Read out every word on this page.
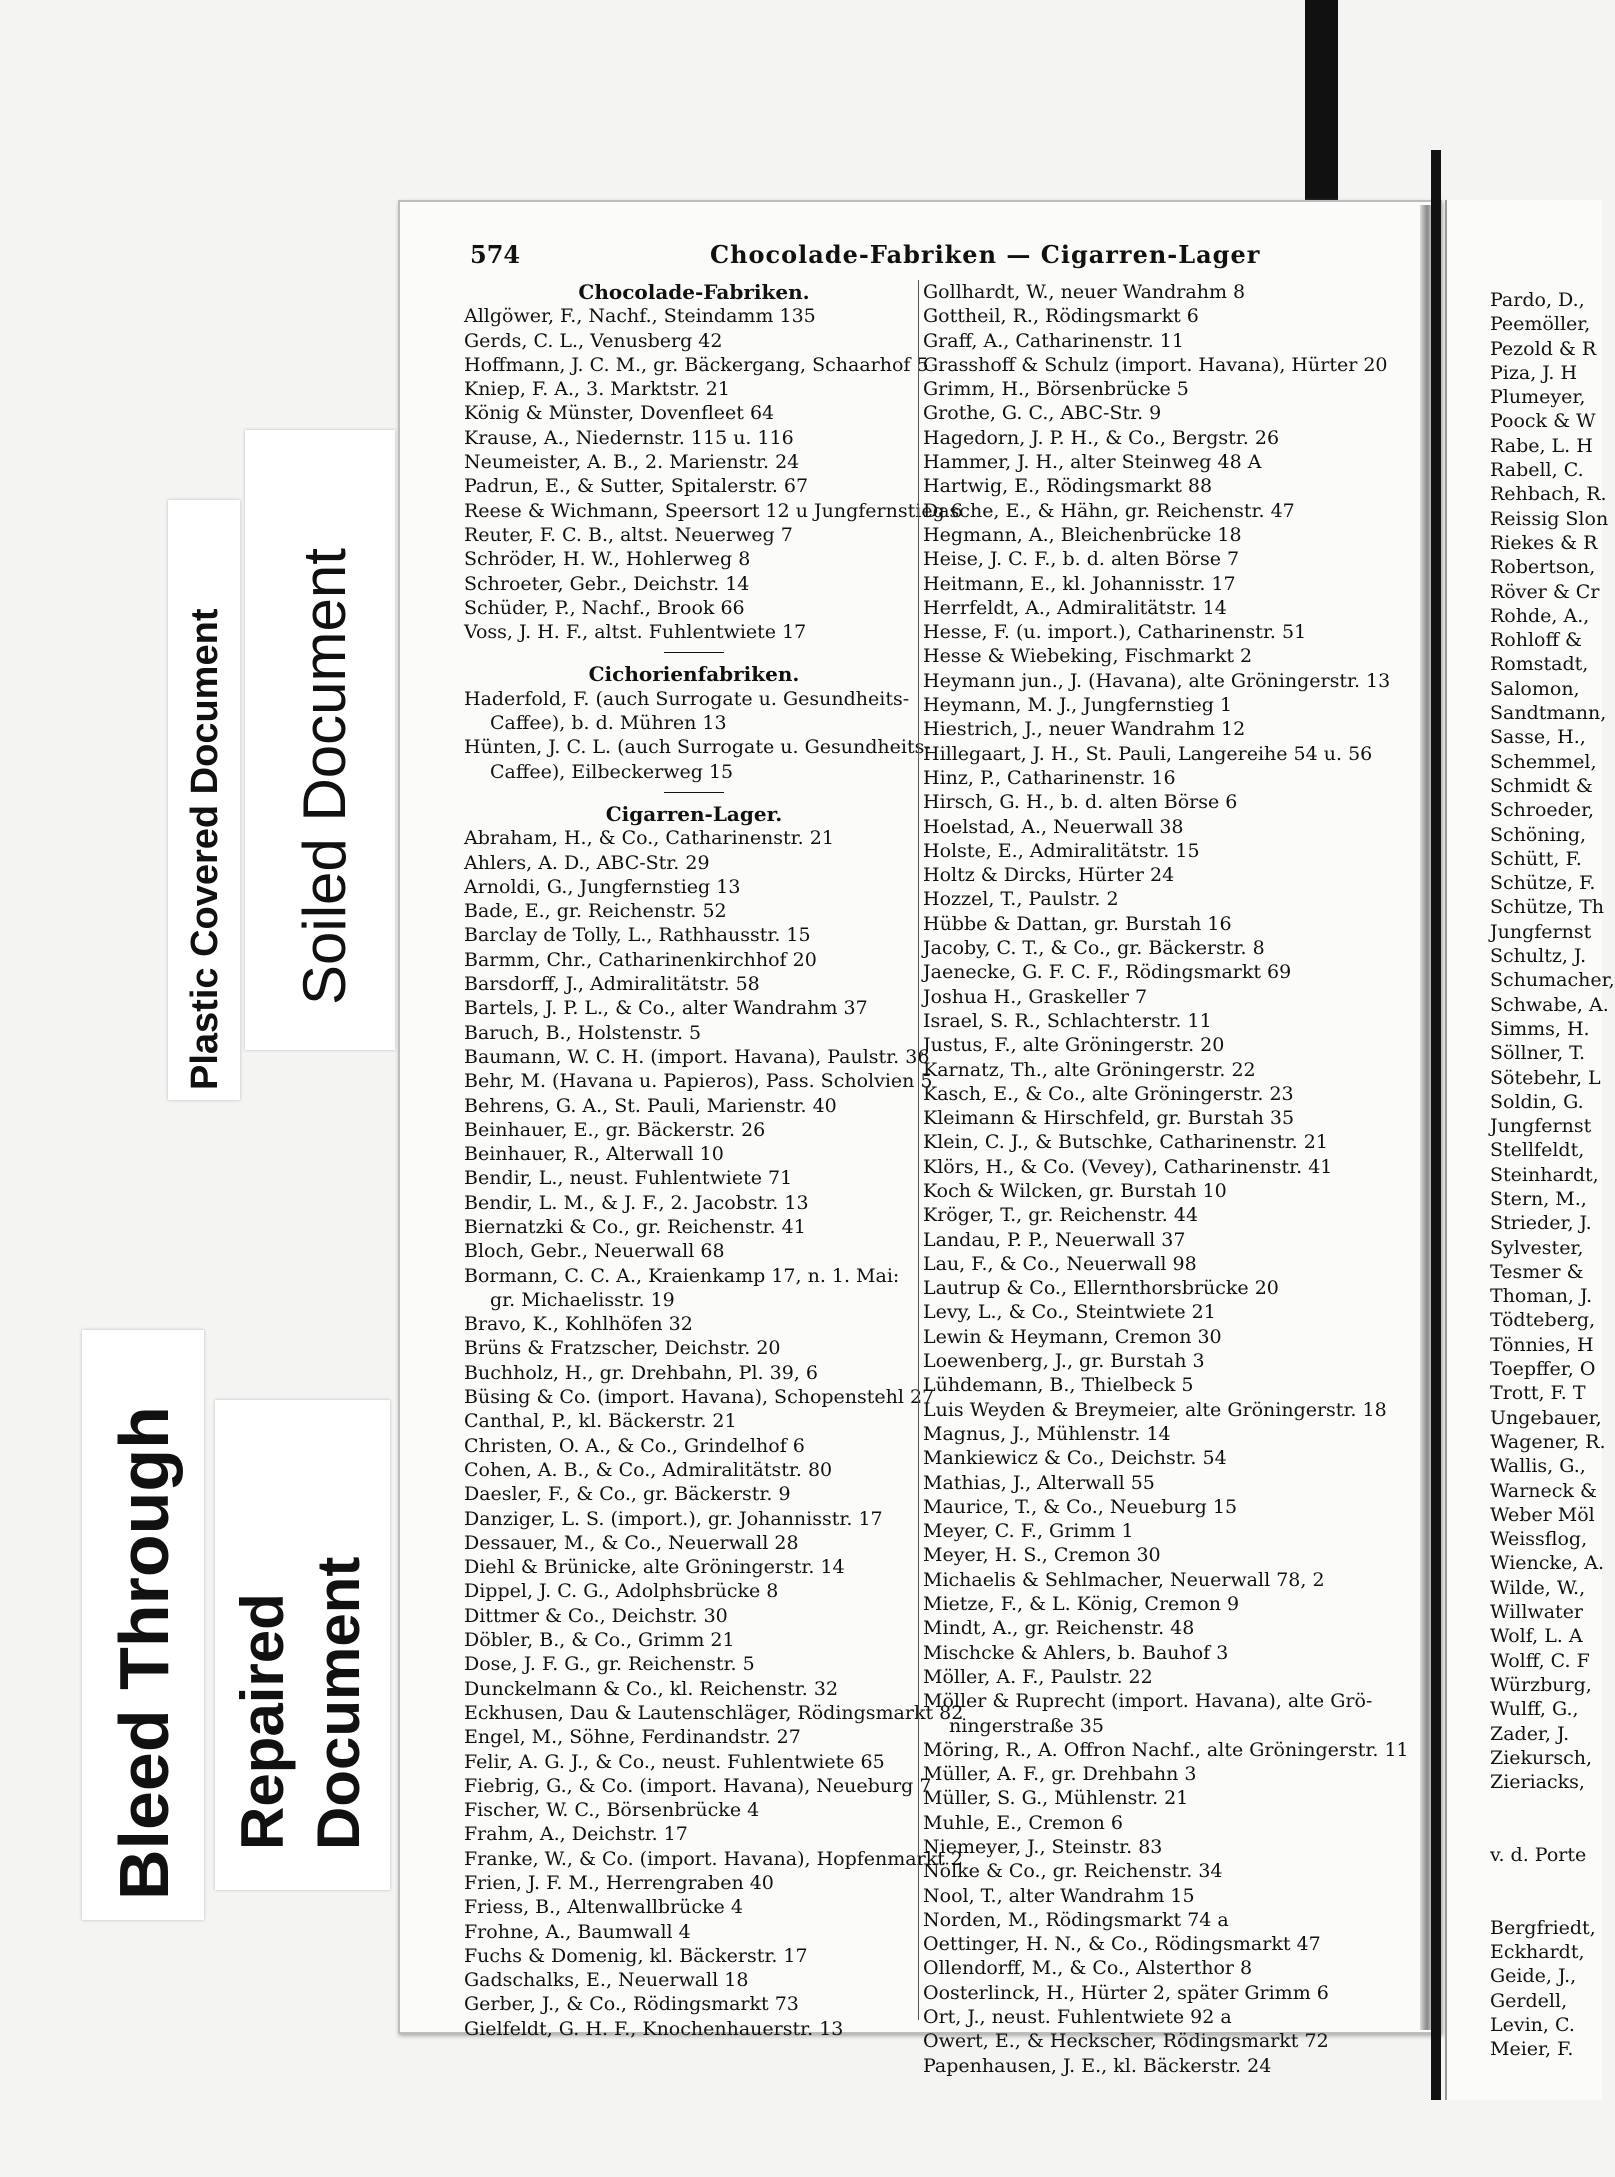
Plastic Covered Document Soiled Document
Bleed Through Repaired Document
574	Chocolade-Fabriken — Cigarren-Lager
Chocolade-Fabriken.
Allgöwer, F., Nachf., Steindamm 135
Gerds, C. L., Venusberg 42
Hoffmann, J. C. M., gr. Bäckergang, Schaarhof 5
Kniep, F. A., 3. Marktstr. 21
König & Münster, Dovenfleet 64
Krause, A., Niedernstr. 115 u. 116
Neumeister, A. B., 2. Marienstr. 24
Padrun, E., & Sutter, Spitalerstr. 67
Reese & Wichmann, Speersort 12 u Jungfernstieg 6
Reuter, F. C. B., altst. Neuerweg 7
Schröder, H. W., Hohlerweg 8
Schroeter, Gebr., Deichstr. 14
Schüder, P., Nachf., Brook 66
Voss, J. H. F., altst. Fuhlentwiete 17
Cichorienfabriken.
Haderfold, F. (auch Surrogate u. Gesundheits-
Caffee), b. d. Mühren 13
Hünten, J. C. L. (auch Surrogate u. Gesundheits-
Caffee), Eilbeckerweg 15
Cigarren-Lager.
Abraham, H., & Co., Catharinenstr. 21
Ahlers, A. D., ABC-Str. 29
Arnoldi, G., Jungfernstieg 13
Bade, E., gr. Reichenstr. 52
Barclay de Tolly, L., Rathhausstr. 15
Barmm, Chr., Catharinenkirchhof 20
Barsdorff, J., Admiralitätstr. 58
Bartels, J. P. L., & Co., alter Wandrahm 37
Baruch, B., Holstenstr. 5
Baumann, W. C. H. (import. Havana), Paulstr. 36
Behr, M. (Havana u. Papieros), Pass. Scholvien 5
Behrens, G. A., St. Pauli, Marienstr. 40
Beinhauer, E., gr. Bäckerstr. 26
Beinhauer, R., Alterwall 10
Bendir, L., neust. Fuhlentwiete 71
Bendir, L. M., & J. F., 2. Jacobstr. 13
Biernatzki & Co., gr. Reichenstr. 41
Bloch, Gebr., Neuerwall 68
Bormann, C. C. A., Kraienkamp 17, n. 1. Mai:
gr. Michaelisstr. 19
Bravo, K., Kohlhöfen 32
Brüns & Fratzscher, Deichstr. 20
Buchholz, H., gr. Drehbahn, Pl. 39, 6
Büsing & Co. (import. Havana), Schopenstehl 27
Canthal, P., kl. Bäckerstr. 21
Christen, O. A., & Co., Grindelhof 6
Cohen, A. B., & Co., Admiralitätstr. 80
Daesler, F., & Co., gr. Bäckerstr. 9
Danziger, L. S. (import.), gr. Johannisstr. 17
Dessauer, M., & Co., Neuerwall 28
Diehl & Brünicke, alte Gröningerstr. 14
Dippel, J. C. G., Adolphsbrücke 8
Dittmer & Co., Deichstr. 30
Döbler, B., & Co., Grimm 21
Dose, J. F. G., gr. Reichenstr. 5
Dunckelmann & Co., kl. Reichenstr. 32
Eckhusen, Dau & Lautenschläger, Rödingsmarkt 82
Engel, M., Söhne, Ferdinandstr. 27
Felir, A. G. J., & Co., neust. Fuhlentwiete 65
Fiebrig, G., & Co. (import. Havana), Neueburg 7
Fischer, W. C., Börsenbrücke 4
Frahm, A., Deichstr. 17
Franke, W., & Co. (import. Havana), Hopfenmarkt 2
Frien, J. F. M., Herrengraben 40
Friess, B., Altenwallbrücke 4
Frohne, A., Baumwall 4
Fuchs & Domenig, kl. Bäckerstr. 17
Gadschalks, E., Neuerwall 18
Gerber, J., & Co., Rödingsmarkt 73
Gielfeldt, G. H. F., Knochenhauerstr. 13
Gollhardt, W., neuer Wandrahm 8
Gottheil, R., Rödingsmarkt 6
Graff, A., Catharinenstr. 11
Grasshoff & Schulz (import. Havana), Hürter 20
Grimm, H., Börsenbrücke 5
Grothe, G. C., ABC-Str. 9
Hagedorn, J. P. H., & Co., Bergstr. 26
Hammer, J. H., alter Steinweg 48 A
Hartwig, E., Rödingsmarkt 88
Dasche, E., & Hähn, gr. Reichenstr. 47
Hegmann, A., Bleichenbrücke 18
Heise, J. C. F., b. d. alten Börse 7
Heitmann, E., kl. Johannisstr. 17
Herrfeldt, A., Admiralitätstr. 14
Hesse, F. (u. import.), Catharinenstr. 51
Hesse & Wiebeking, Fischmarkt 2
Heymann jun., J. (Havana), alte Gröningerstr. 13
Heymann, M. J., Jungfernstieg 1
Hiestrich, J., neuer Wandrahm 12
Hillegaart, J. H., St. Pauli, Langereihe 54 u. 56
Hinz, P., Catharinenstr. 16
Hirsch, G. H., b. d. alten Börse 6
Hoelstad, A., Neuerwall 38
Holste, E., Admiralitätstr. 15
Holtz & Dircks, Hürter 24
Hozzel, T., Paulstr. 2
Hübbe & Dattan, gr. Burstah 16
Jacoby, C. T., & Co., gr. Bäckerstr. 8
Jaenecke, G. F. C. F., Rödingsmarkt 69
Joshua H., Graskeller 7
Israel, S. R., Schlachterstr. 11
Justus, F., alte Gröningerstr. 20
Karnatz, Th., alte Gröningerstr. 22
Kasch, E., & Co., alte Gröningerstr. 23
Kleimann & Hirschfeld, gr. Burstah 35
Klein, C. J., & Butschke, Catharinenstr. 21
Klörs, H., & Co. (Vevey), Catharinenstr. 41
Koch & Wilcken, gr. Burstah 10
Kröger, T., gr. Reichenstr. 44
Landau, P. P., Neuerwall 37
Lau, F., & Co., Neuerwall 98
Lautrup & Co., Ellernthorsbrücke 20
Levy, L., & Co., Steintwiete 21
Lewin & Heymann, Cremon 30
Loewenberg, J., gr. Burstah 3
Lühdemann, B., Thielbeck 5
Luis Weyden & Breymeier, alte Gröningerstr. 18
Magnus, J., Mühlenstr. 14
Mankiewicz & Co., Deichstr. 54
Mathias, J., Alterwall 55
Maurice, T., & Co., Neueburg 15
Meyer, C. F., Grimm 1
Meyer, H. S., Cremon 30
Michaelis & Sehlmacher, Neuerwall 78, 2
Mietze, F., & L. König, Cremon 9
Mindt, A., gr. Reichenstr. 48
Mischcke & Ahlers, b. Bauhof 3
Möller, A. F., Paulstr. 22
Möller & Ruprecht (import. Havana), alte Grö-
ningerstraße 35
Möring, R., A. Offron Nachf., alte Gröningerstr. 11
Müller, A. F., gr. Drehbahn 3
Müller, S. G., Mühlenstr. 21
Muhle, E., Cremon 6
Niemeyer, J., Steinstr. 83
Nölke & Co., gr. Reichenstr. 34
Nool, T., alter Wandrahm 15
Norden, M., Rödingsmarkt 74 a
Oettinger, H. N., & Co., Rödingsmarkt 47
Ollendorff, M., & Co., Alsterthor 8
Oosterlinck, H., Hürter 2, später Grimm 6
Ort, J., neust. Fuhlentwiete 92 a
Owert, E., & Heckscher, Rödingsmarkt 72
Papenhausen, J. E., kl. Bäckerstr. 24
Pardo, D.,
Peemöller,
Pezold & R
Piza, J. H
Plumeyer,
Poock & W
Rabe, L. H
Rabell, C.
Rehbach, R.
Reissig Slon
Riekes & R
Robertson,
Röver & Cr
Rohde, A.,
Rohloff &
Romstadt,
Salomon,
Sandtmann,
Sasse, H.,
Schemmel,
Schmidt &
Schroeder,
Schöning,
Schütt, F.
Schütze, F.
Schütze, Th
Jungfernst
Schultz, J.
Schumacher,
Schwabe, A.
Simms, H.
Söllner, T.
Sötebehr, L
Soldin, G.
Jungfernst
Stellfeldt,
Steinhardt,
Stern, M.,
Strieder, J.
Sylvester,
Tesmer &
Thoman, J.
Tödteberg,
Tönnies, H
Toepffer, O
Trott, F. T
Ungebauer,
Wagener, R.
Wallis, G.,
Warneck &
Weber Möl
Weissflog,
Wiencke, A.
Wilde, W.,
Willwater
Wolf, L. A
Wolff, C. F
Würzburg,
Wulff, G.,
Zader, J.
Ziekursch,
Zieriacks,
v. d. Porte
Bergfriedt,
Eckhardt,
Geide, J.,
Gerdell,
Levin, C.
Meier, F.
